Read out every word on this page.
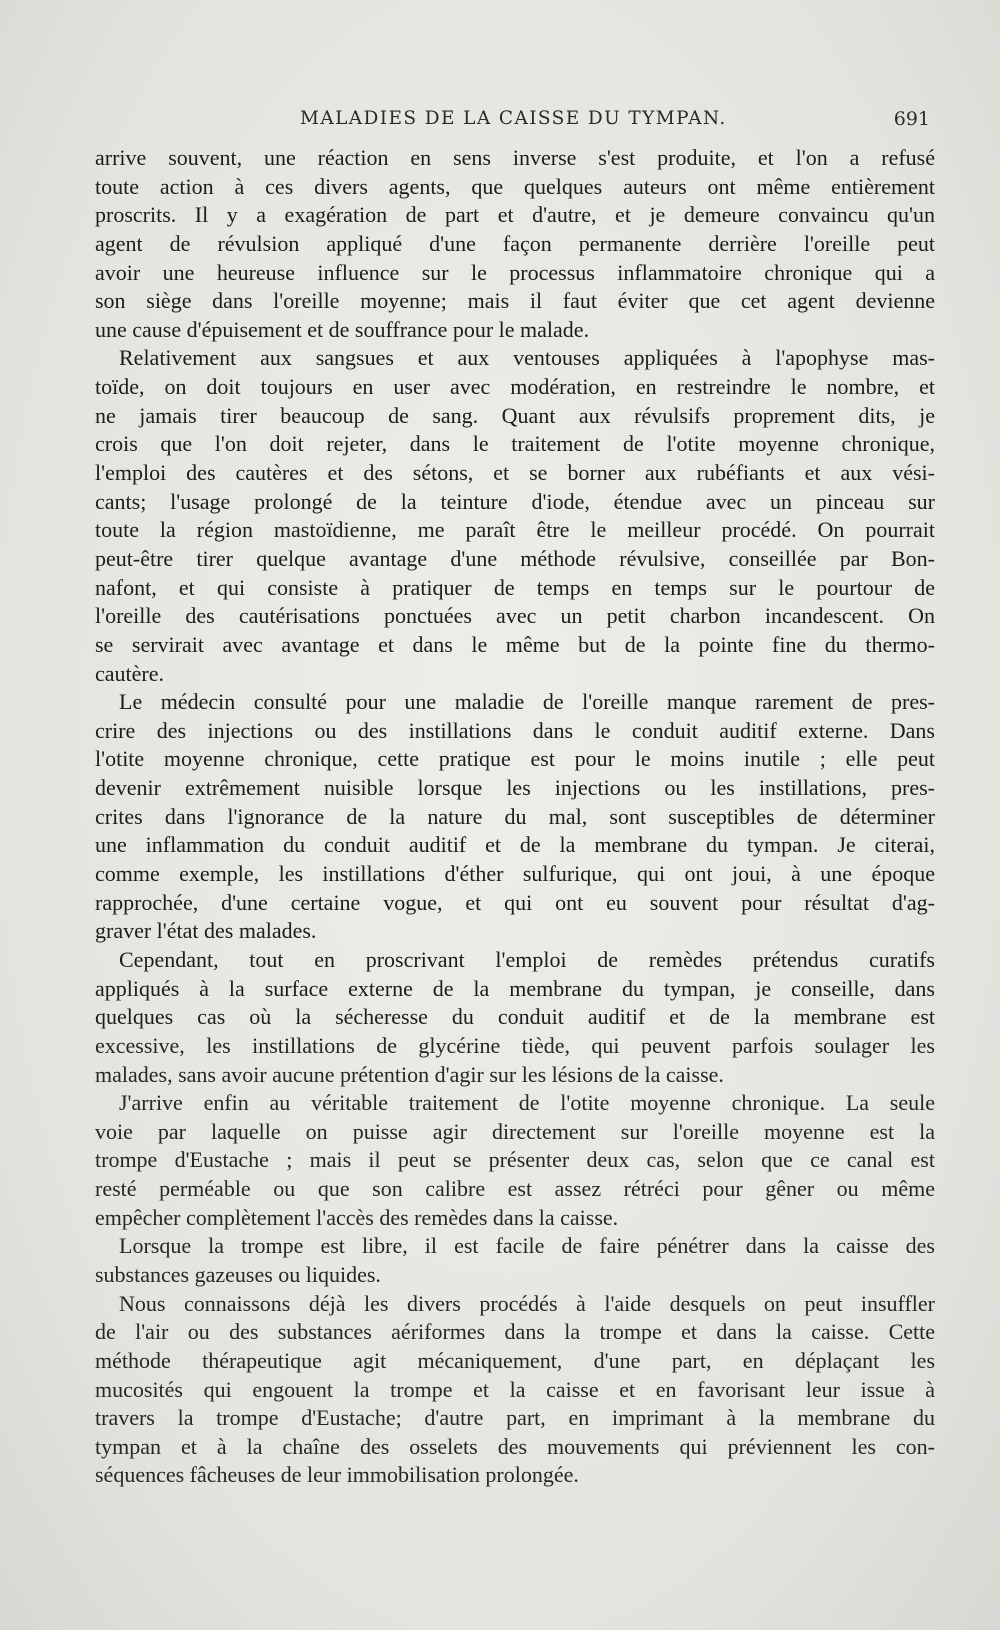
MALADIES DE LA CAISSE DU TYMPAN.	691
arrive souvent, une réaction en sens inverse s'est produite, et l'on a refusé
toute action à ces divers agents, que quelques auteurs ont même entièrement
proscrits. Il y a exagération de part et d'autre, et je demeure convaincu qu'un
agent de révulsion appliqué d'une façon permanente derrière l'oreille peut
avoir une heureuse influence sur le processus inflammatoire chronique qui a
son siège dans l'oreille moyenne; mais il faut éviter que cet agent devienne
une cause d'épuisement et de souffrance pour le malade.
Relativement aux sangsues et aux ventouses appliquées à l'apophyse mas-
toïde, on doit toujours en user avec modération, en restreindre le nombre, et
ne jamais tirer beaucoup de sang. Quant aux révulsifs proprement dits, je
crois que l'on doit rejeter, dans le traitement de l'otite moyenne chronique,
l'emploi des cautères et des sétons, et se borner aux rubéfiants et aux vési-
cants; l'usage prolongé de la teinture d'iode, étendue avec un pinceau sur
toute la région mastoïdienne, me paraît être le meilleur procédé. On pourrait
peut-être tirer quelque avantage d'une méthode révulsive, conseillée par Bon-
nafont, et qui consiste à pratiquer de temps en temps sur le pourtour de
l'oreille des cautérisations ponctuées avec un petit charbon incandescent. On
se servirait avec avantage et dans le même but de la pointe fine du thermo-
cautère.
Le médecin consulté pour une maladie de l'oreille manque rarement de pres-
crire des injections ou des instillations dans le conduit auditif externe. Dans
l'otite moyenne chronique, cette pratique est pour le moins inutile ; elle peut
devenir extrêmement nuisible lorsque les injections ou les instillations, pres-
crites dans l'ignorance de la nature du mal, sont susceptibles de déterminer
une inflammation du conduit auditif et de la membrane du tympan. Je citerai,
comme exemple, les instillations d'éther sulfurique, qui ont joui, à une époque
rapprochée, d'une certaine vogue, et qui ont eu souvent pour résultat d'ag-
graver l'état des malades.
Cependant, tout en proscrivant l'emploi de remèdes prétendus curatifs
appliqués à la surface externe de la membrane du tympan, je conseille, dans
quelques cas où la sécheresse du conduit auditif et de la membrane est
excessive, les instillations de glycérine tiède, qui peuvent parfois soulager les
malades, sans avoir aucune prétention d'agir sur les lésions de la caisse.
J'arrive enfin au véritable traitement de l'otite moyenne chronique. La seule
voie par laquelle on puisse agir directement sur l'oreille moyenne est la
trompe d'Eustache ; mais il peut se présenter deux cas, selon que ce canal est
resté perméable ou que son calibre est assez rétréci pour gêner ou même
empêcher complètement l'accès des remèdes dans la caisse.
Lorsque la trompe est libre, il est facile de faire pénétrer dans la caisse des
substances gazeuses ou liquides.
Nous connaissons déjà les divers procédés à l'aide desquels on peut insuffler
de l'air ou des substances aériformes dans la trompe et dans la caisse. Cette
méthode thérapeutique agit mécaniquement, d'une part, en déplaçant les
mucosités qui engouent la trompe et la caisse et en favorisant leur issue à
travers la trompe d'Eustache; d'autre part, en imprimant à la membrane du
tympan et à la chaîne des osselets des mouvements qui préviennent les con-
séquences fâcheuses de leur immobilisation prolongée.
